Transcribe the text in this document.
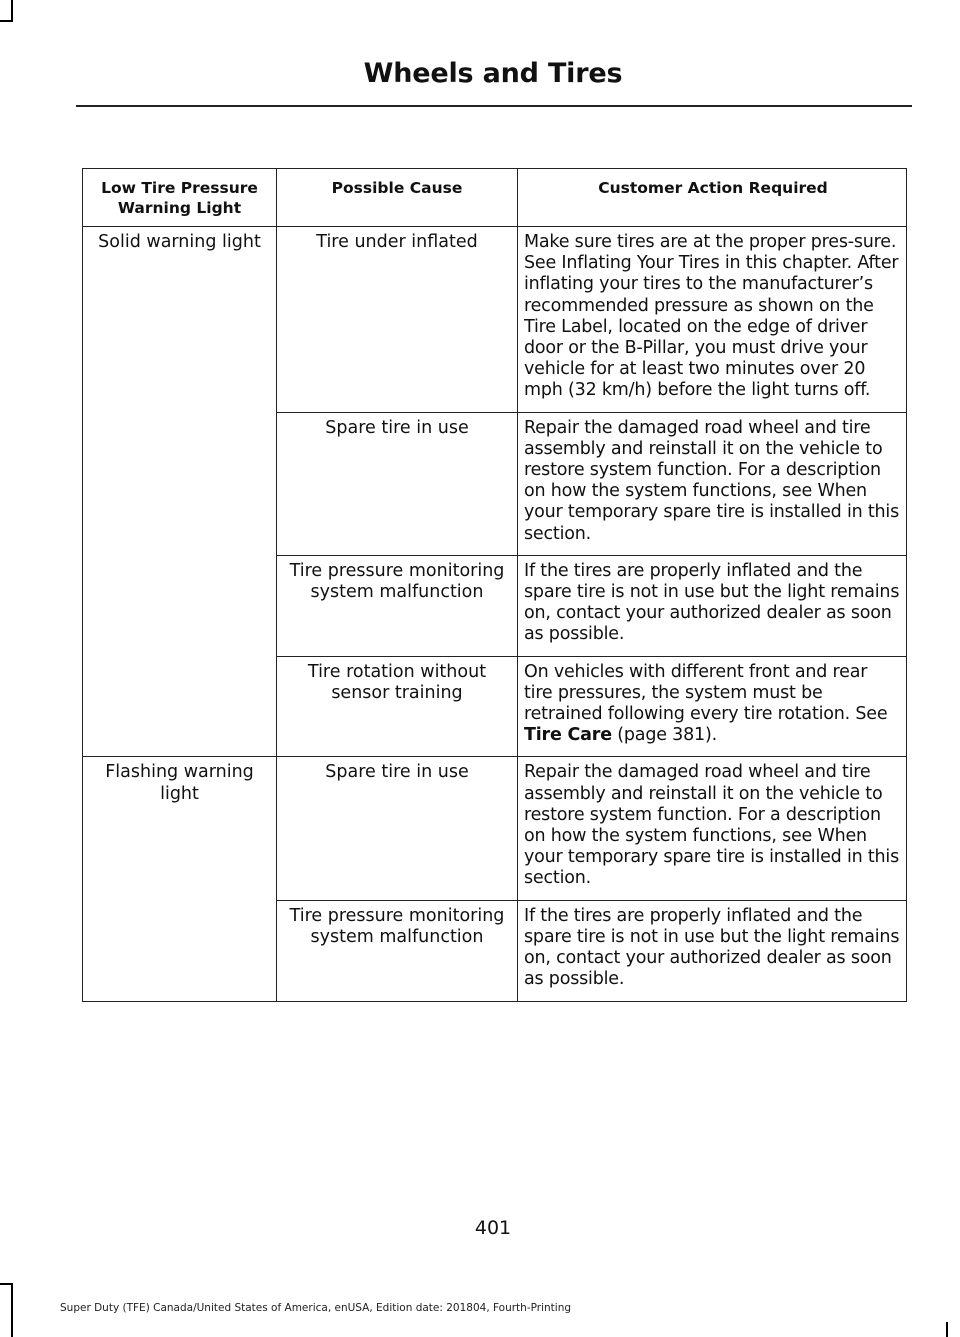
Wheels and Tires
Low Tire Pressure Warning Light	Possible Cause	Customer Action Required
Solid warning light	Tire under inflated	Make sure tires are at the proper pres-sure. See Inflating Your Tires in this chapter. After inflating your tires to the manufacturer’s recommended pressure as shown on the Tire Label, located on the edge of driver door or the B-Pillar, you must drive your vehicle for at least two minutes over 20 mph (32 km/h) before the light turns off.
	Spare tire in use	Repair the damaged road wheel and tire assembly and reinstall it on the vehicle to restore system function. For a description on how the system functions, see When your temporary spare tire is installed in this section.
	Tire pressure monitoring system malfunction	If the tires are properly inflated and the spare tire is not in use but the light remains on, contact your authorized dealer as soon as possible.
	Tire rotation without sensor training	On vehicles with different front and rear tire pressures, the system must be retrained following every tire rotation. See Tire Care (page 381).
Flashing warning light	Spare tire in use	Repair the damaged road wheel and tire assembly and reinstall it on the vehicle to restore system function. For a description on how the system functions, see When your temporary spare tire is installed in this section.
	Tire pressure monitoring system malfunction	If the tires are properly inflated and the spare tire is not in use but the light remains on, contact your authorized dealer as soon as possible.
401
Super Duty (TFE) Canada/United States of America, enUSA, Edition date: 201804, Fourth-Printing
